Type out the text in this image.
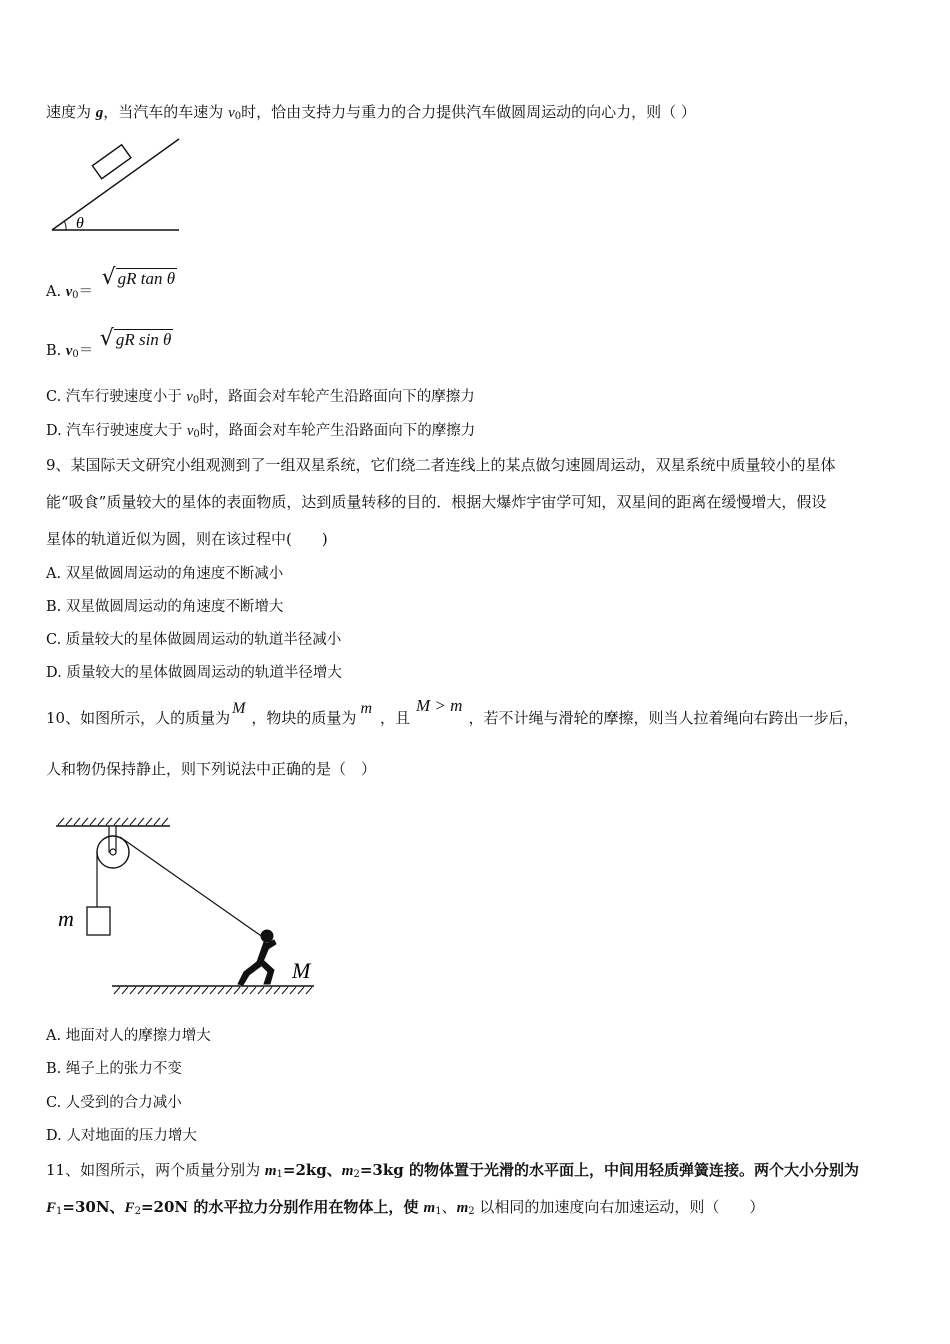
速度为 g，当汽车的车速为 $v_0$时，恰由支持力与重力的合力提供汽车做圆周运动的向心力，则（ ）
θ
A. $v_0=$ √ gR tan θ
B. $v_0=$ √ gR sin θ
C. 汽车行驶速度小于 $v_0$时，路面会对车轮产生沿路面向下的摩擦力
D. 汽车行驶速度大于 $v_0$时，路面会对车轮产生沿路面向下的摩擦力
9、某国际天文研究小组观测到了一组双星系统，它们绕二者连线上的某点做匀速圆周运动，双星系统中质量较小的星体
能“吸食”质量较大的星体的表面物质，达到质量转移的目的．根据大爆炸宇宙学可知，双星间的距离在缓慢增大，假设
星体的轨道近似为圆，则在该过程中(　　)
A. 双星做圆周运动的角速度不断减小
B. 双星做圆周运动的角速度不断增大
C. 质量较大的星体做圆周运动的轨道半径减小
D. 质量较大的星体做圆周运动的轨道半径增大
10、如图所示，人的质量为M，物块的质量为m，且M > m，若不计绳与滑轮的摩擦，则当人拉着绳向右跨出一步后，
人和物仍保持静止，则下列说法中正确的是（　）
m
M
A. 地面对人的摩擦力增大
B. 绳子上的张力不变
C. 人受到的合力减小
D. 人对地面的压力增大
11、如图所示，两个质量分别为 $m_1=2kg$、$m_2=3kg$ 的物体置于光滑的水平面上，中间用轻质弹簧连接。两个大小分别为
$F_1=30N$、$F_2=20N$ 的水平拉力分别作用在物体上，使 $m_1$、$m_2$ 以相同的加速度向右加速运动，则（　　）
